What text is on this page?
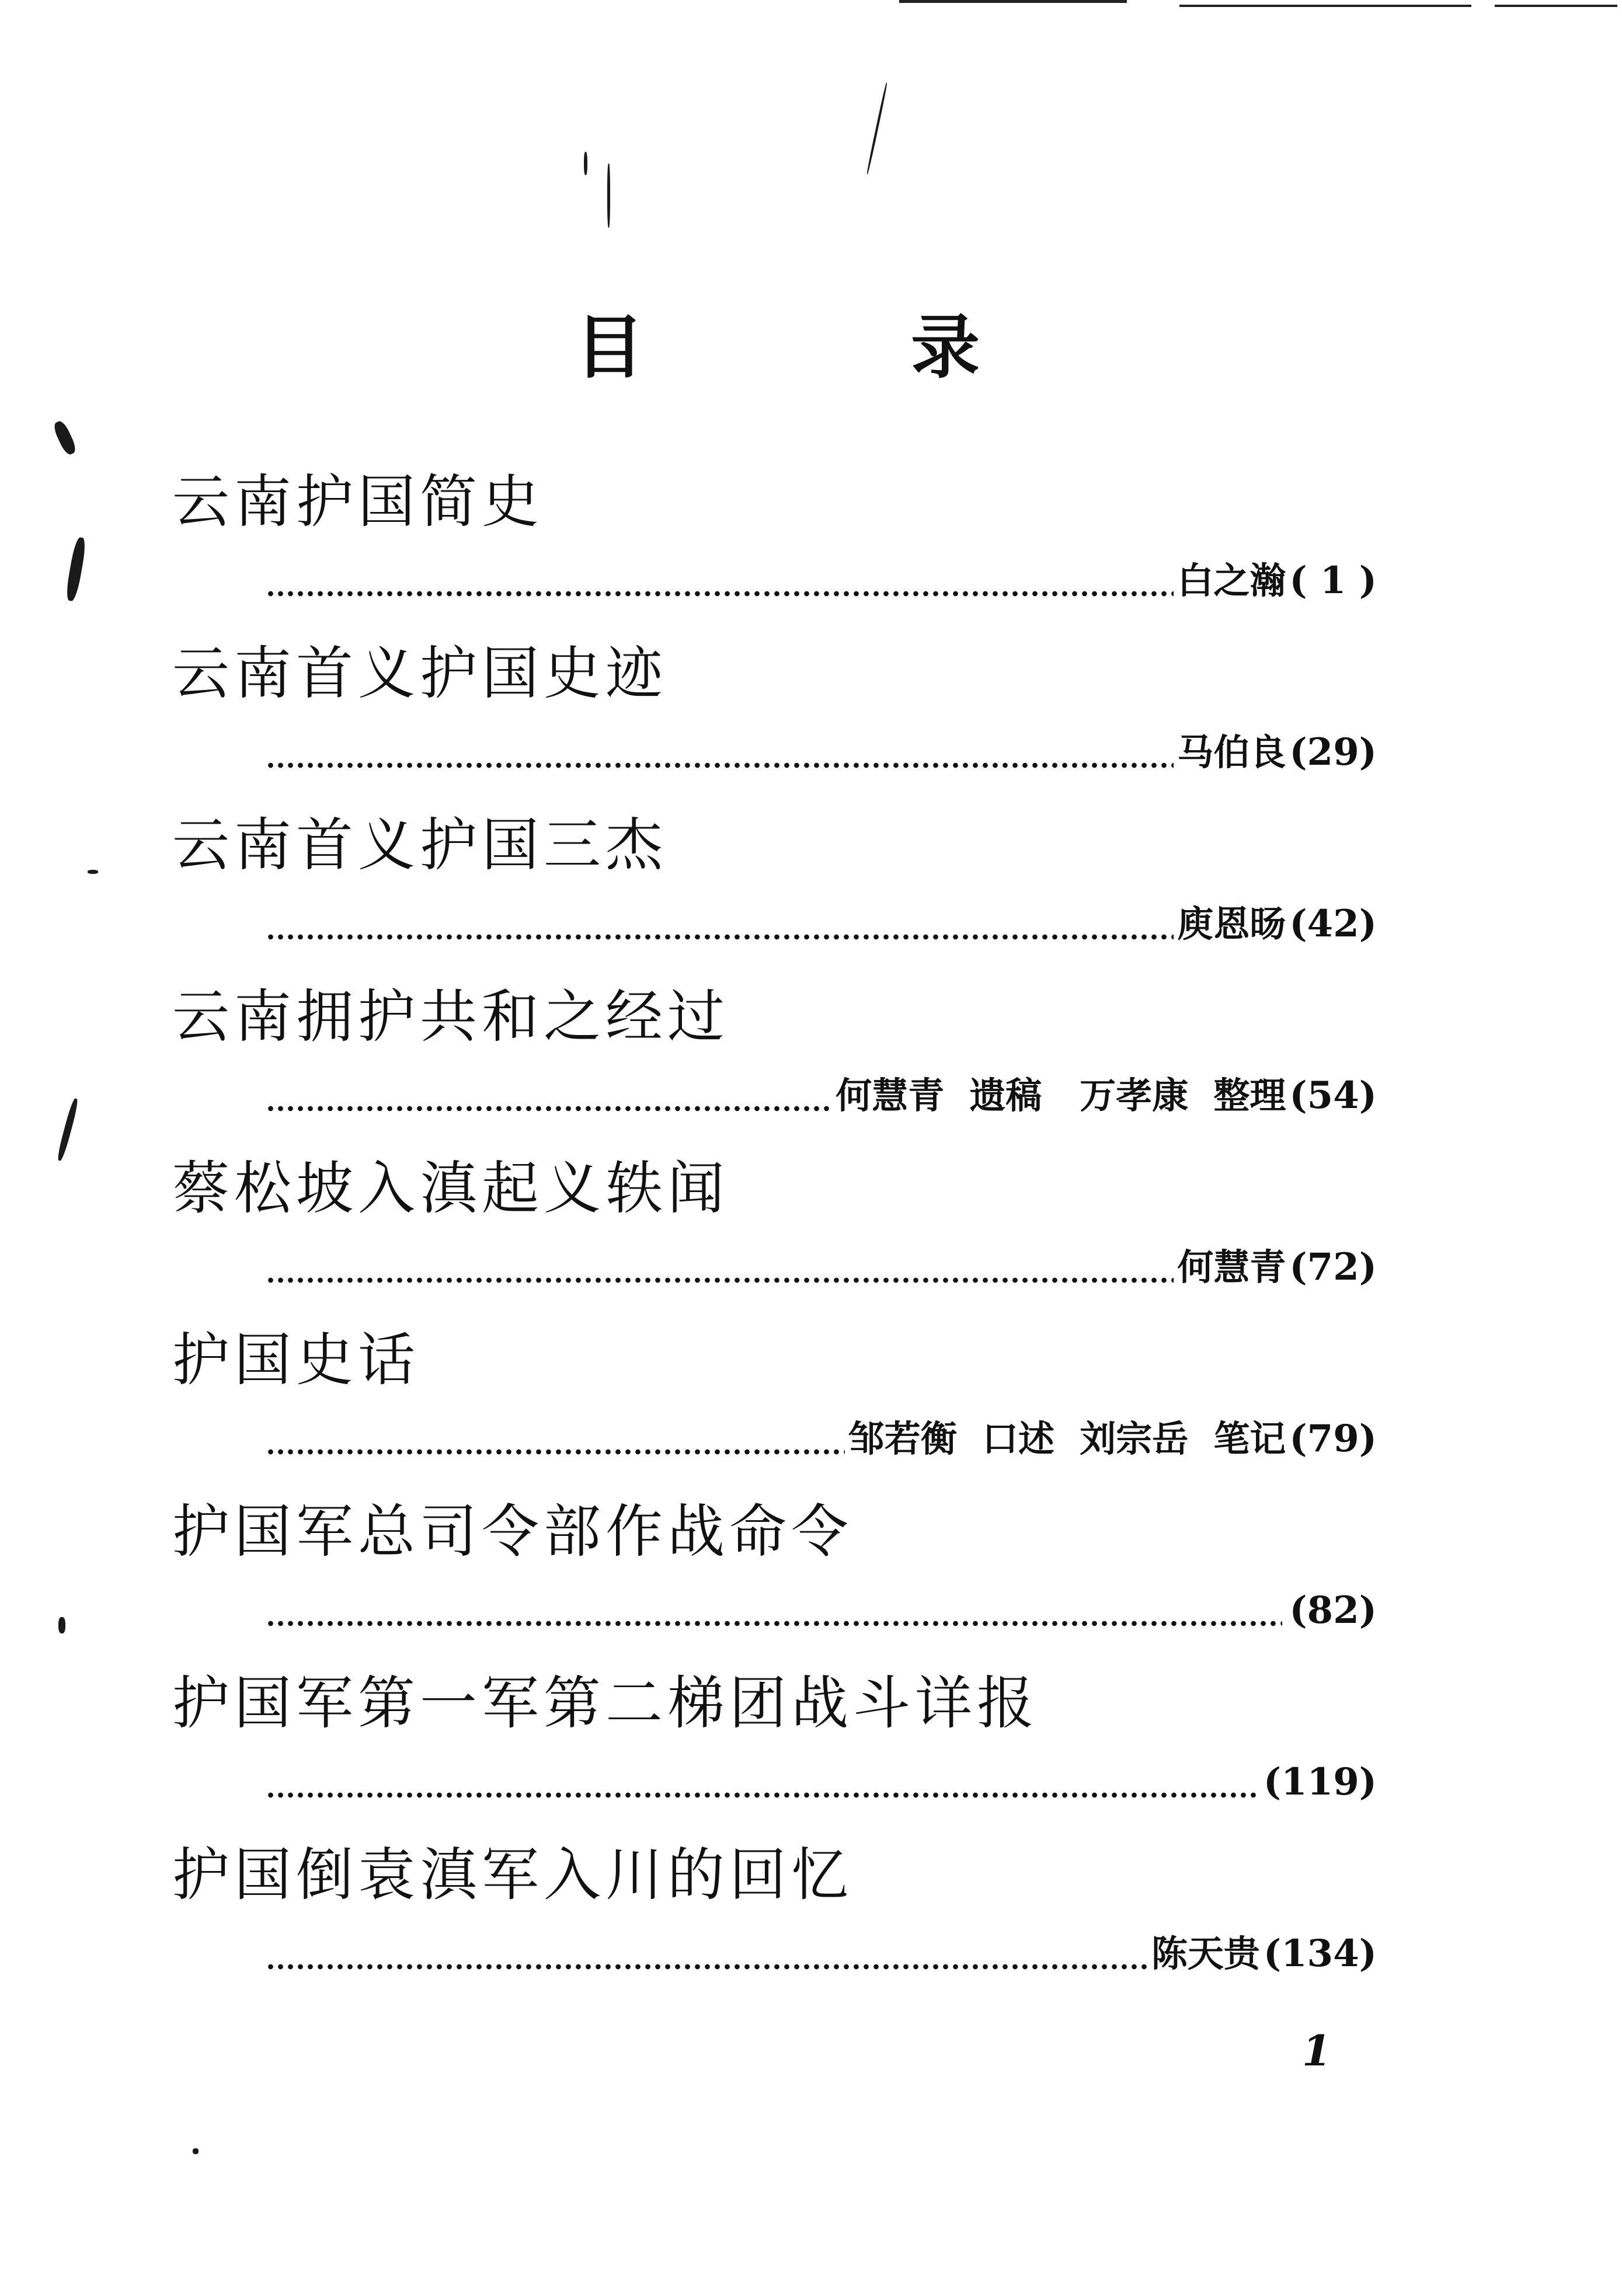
目	录
云南护国简史
白之瀚 ( 1 )
云南首义护国史迹
马伯良 (29)
云南首义护国三杰
庾恩旸 (42)
云南拥护共和之经过
何慧青  遗稿   万孝康  整理 (54)
蔡松坡入滇起义轶闻
何慧青 (72)
护国史话
邹若衡  口述  刘宗岳  笔记 (79)
护国军总司令部作战命令
(82)
护国军第一军第二梯团战斗详报
(119)
护国倒袁滇军入川的回忆
陈天贵 (134)
1
